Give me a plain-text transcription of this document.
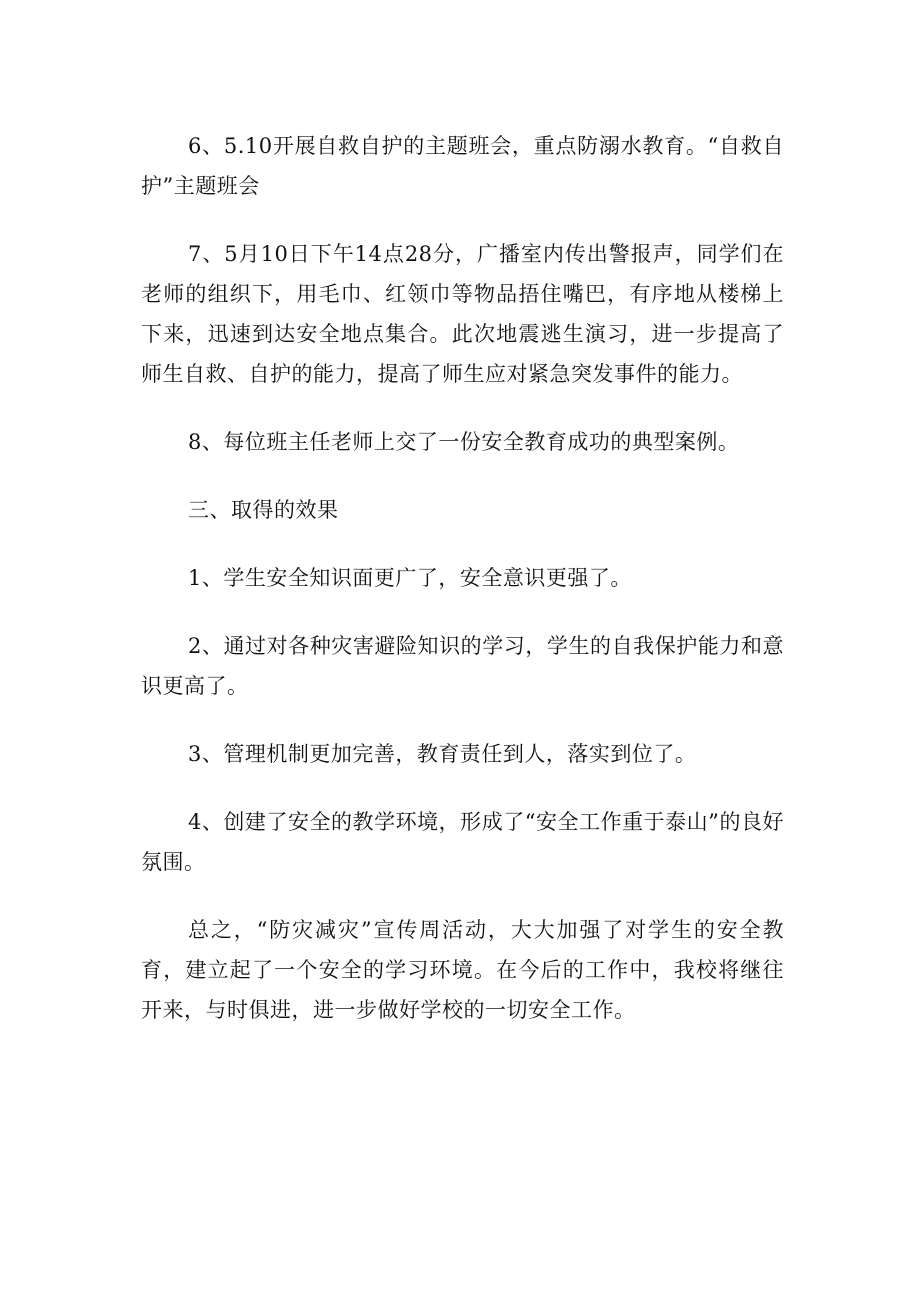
6、5.10开展自救自护的主题班会，重点防溺水教育。“自救自护”主题班会

7、5月10日下午14点28分，广播室内传出警报声，同学们在老师的组织下，用毛巾、红领巾等物品捂住嘴巴，有序地从楼梯上下来，迅速到达安全地点集合。此次地震逃生演习，进一步提高了师生自救、自护的能力，提高了师生应对紧急突发事件的能力。

8、每位班主任老师上交了一份安全教育成功的典型案例。

三、取得的效果

1、学生安全知识面更广了，安全意识更强了。

2、通过对各种灾害避险知识的学习，学生的自我保护能力和意识更高了。

3、管理机制更加完善，教育责任到人，落实到位了。

4、创建了安全的教学环境，形成了“安全工作重于泰山”的良好氛围。

总之，“防灾减灾”宣传周活动，大大加强了对学生的安全教育，建立起了一个安全的学习环境。在今后的工作中，我校将继往开来，与时俱进，进一步做好学校的一切安全工作。
